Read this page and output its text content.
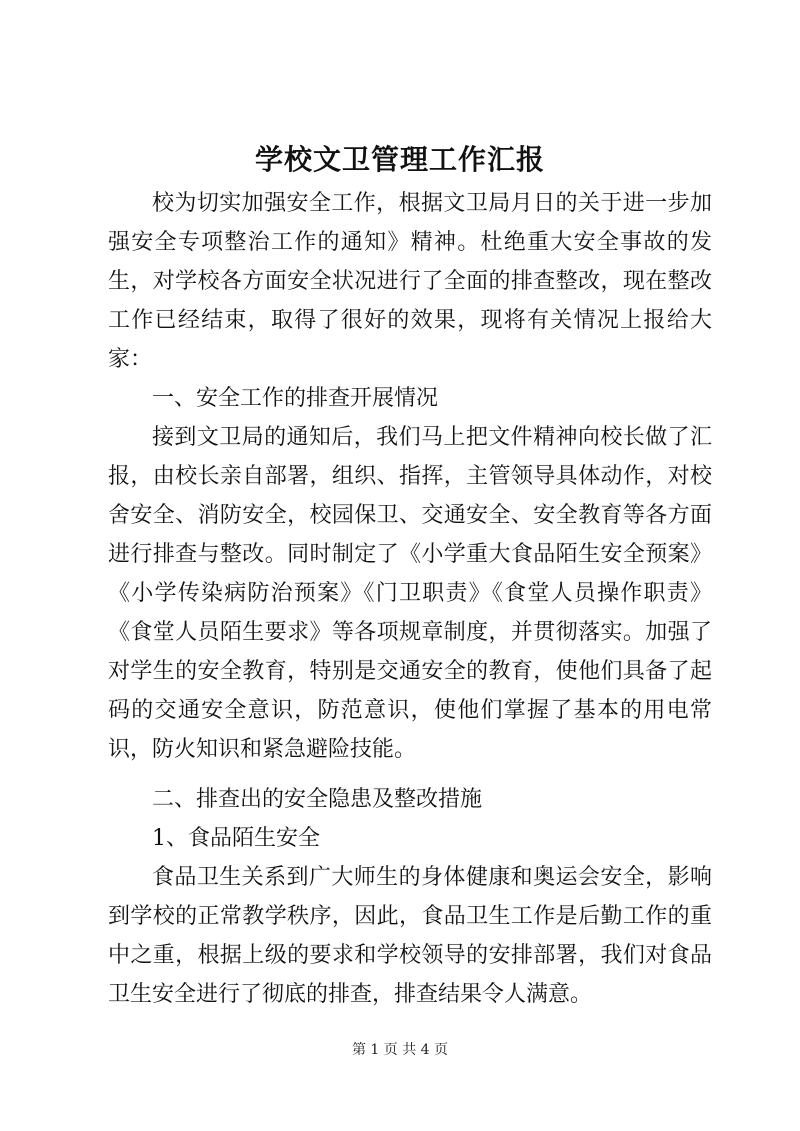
学校文卫管理工作汇报

校为切实加强安全工作，根据文卫局月日的关于进一步加强安全专项整治工作的通知》精神。杜绝重大安全事故的发生，对学校各方面安全状况进行了全面的排查整改，现在整改工作已经结束，取得了很好的效果，现将有关情况上报给大家：

一、安全工作的排查开展情况

接到文卫局的通知后，我们马上把文件精神向校长做了汇报，由校长亲自部署，组织、指挥，主管领导具体动作，对校舍安全、消防安全，校园保卫、交通安全、安全教育等各方面进行排查与整改。同时制定了《小学重大食品陌生安全预案》《小学传染病防治预案》《门卫职责》《食堂人员操作职责》《食堂人员陌生要求》等各项规章制度，并贯彻落实。加强了对学生的安全教育，特别是交通安全的教育，使他们具备了起码的交通安全意识，防范意识，使他们掌握了基本的用电常识，防火知识和紧急避险技能。

二、排查出的安全隐患及整改措施

1、食品陌生安全

食品卫生关系到广大师生的身体健康和奥运会安全，影响到学校的正常教学秩序，因此，食品卫生工作是后勤工作的重中之重，根据上级的要求和学校领导的安排部署，我们对食品卫生安全进行了彻底的排查，排查结果令人满意。

第 1 页 共 4 页
